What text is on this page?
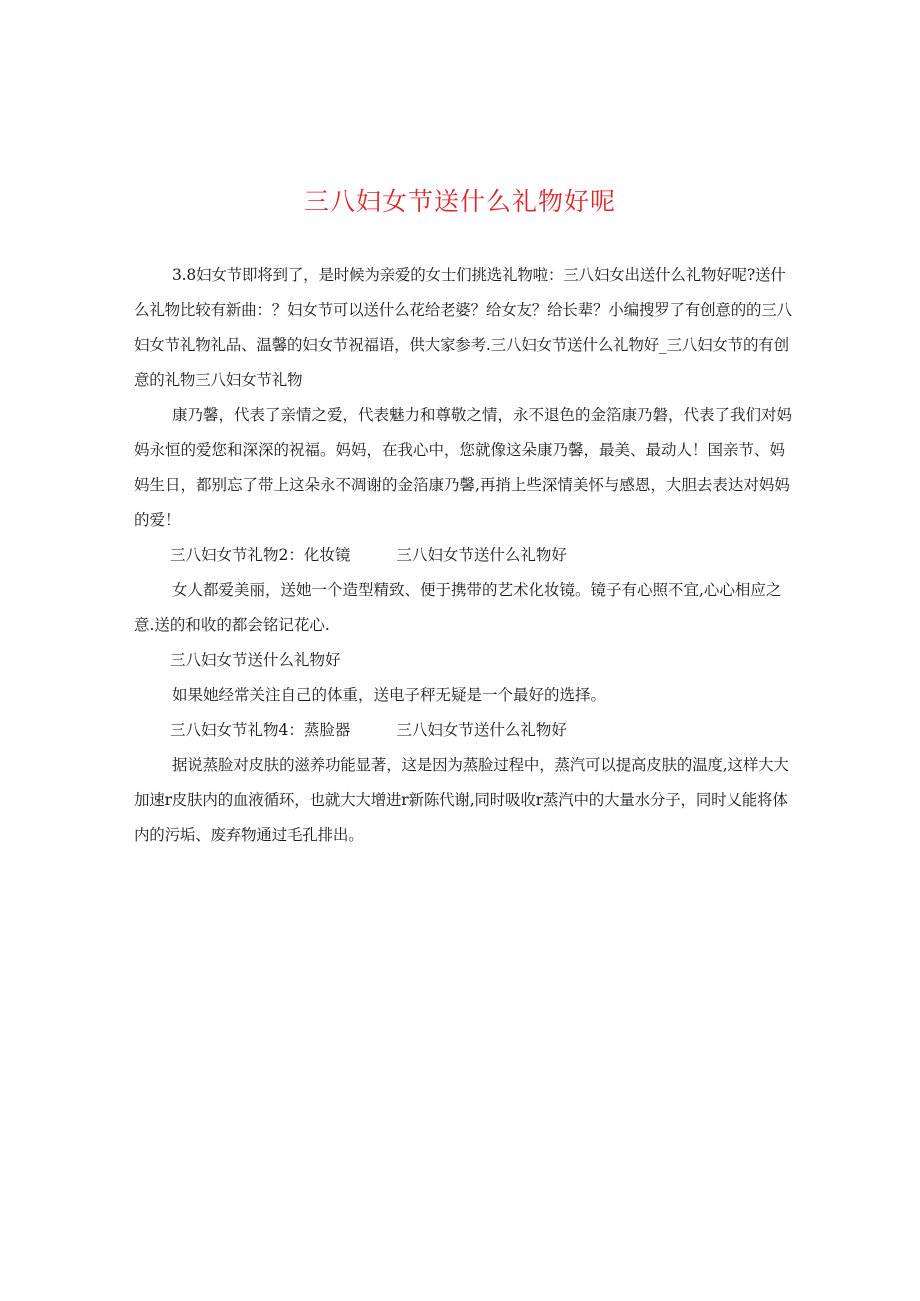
三八妇女节送什么礼物好呢

3.8妇女节即将到了，是时候为亲爱的女士们挑选礼物啦：三八妇女出送什么礼物好呢?送什么礼物比较有新曲：？妇女节可以送什么花给老婆？给女友？给长辈？小编搜罗了有创意的的三八妇女节礼物礼品、温馨的妇女节祝福语，供大家参考.三八妇女节送什么礼物好_三八妇女节的有创意的礼物三八妇女节礼物

康乃馨，代表了亲情之爱，代表魅力和尊敬之情，永不退色的金箔康乃磐，代表了我们对妈妈永恒的爱您和深深的祝福。妈妈，在我心中，您就像这朵康乃馨，最美、最动人！国亲节、妈妈生日，都别忘了带上这朵永不凋谢的金箔康乃馨,再捎上些深情美怀与感恩，大胆去表达对妈妈的爱！

三八妇女节礼物2：化妆镜	三八妇女节送什么礼物好

女人都爱美丽，送她一个造型精致、便于携带的艺术化妆镜。镜子有心照不宜,心心相应之意.送的和收的都会铭记花心.

三八妇女节送什么礼物好

如果她经常关注自己的体重，送电子秤无疑是一个最好的选择。

三八妇女节礼物4：蒸脸器	三八妇女节送什么礼物好

据说蒸脸对皮肤的滋养功能显著，这是因为蒸脸过程中，蒸汽可以提高皮肤的温度,这样大大加速r皮肤内的血液循环，也就大大增进r新陈代谢,同时吸收r蒸汽中的大量水分子，同时乂能将体内的污垢、废弃物通过毛孔排出。
